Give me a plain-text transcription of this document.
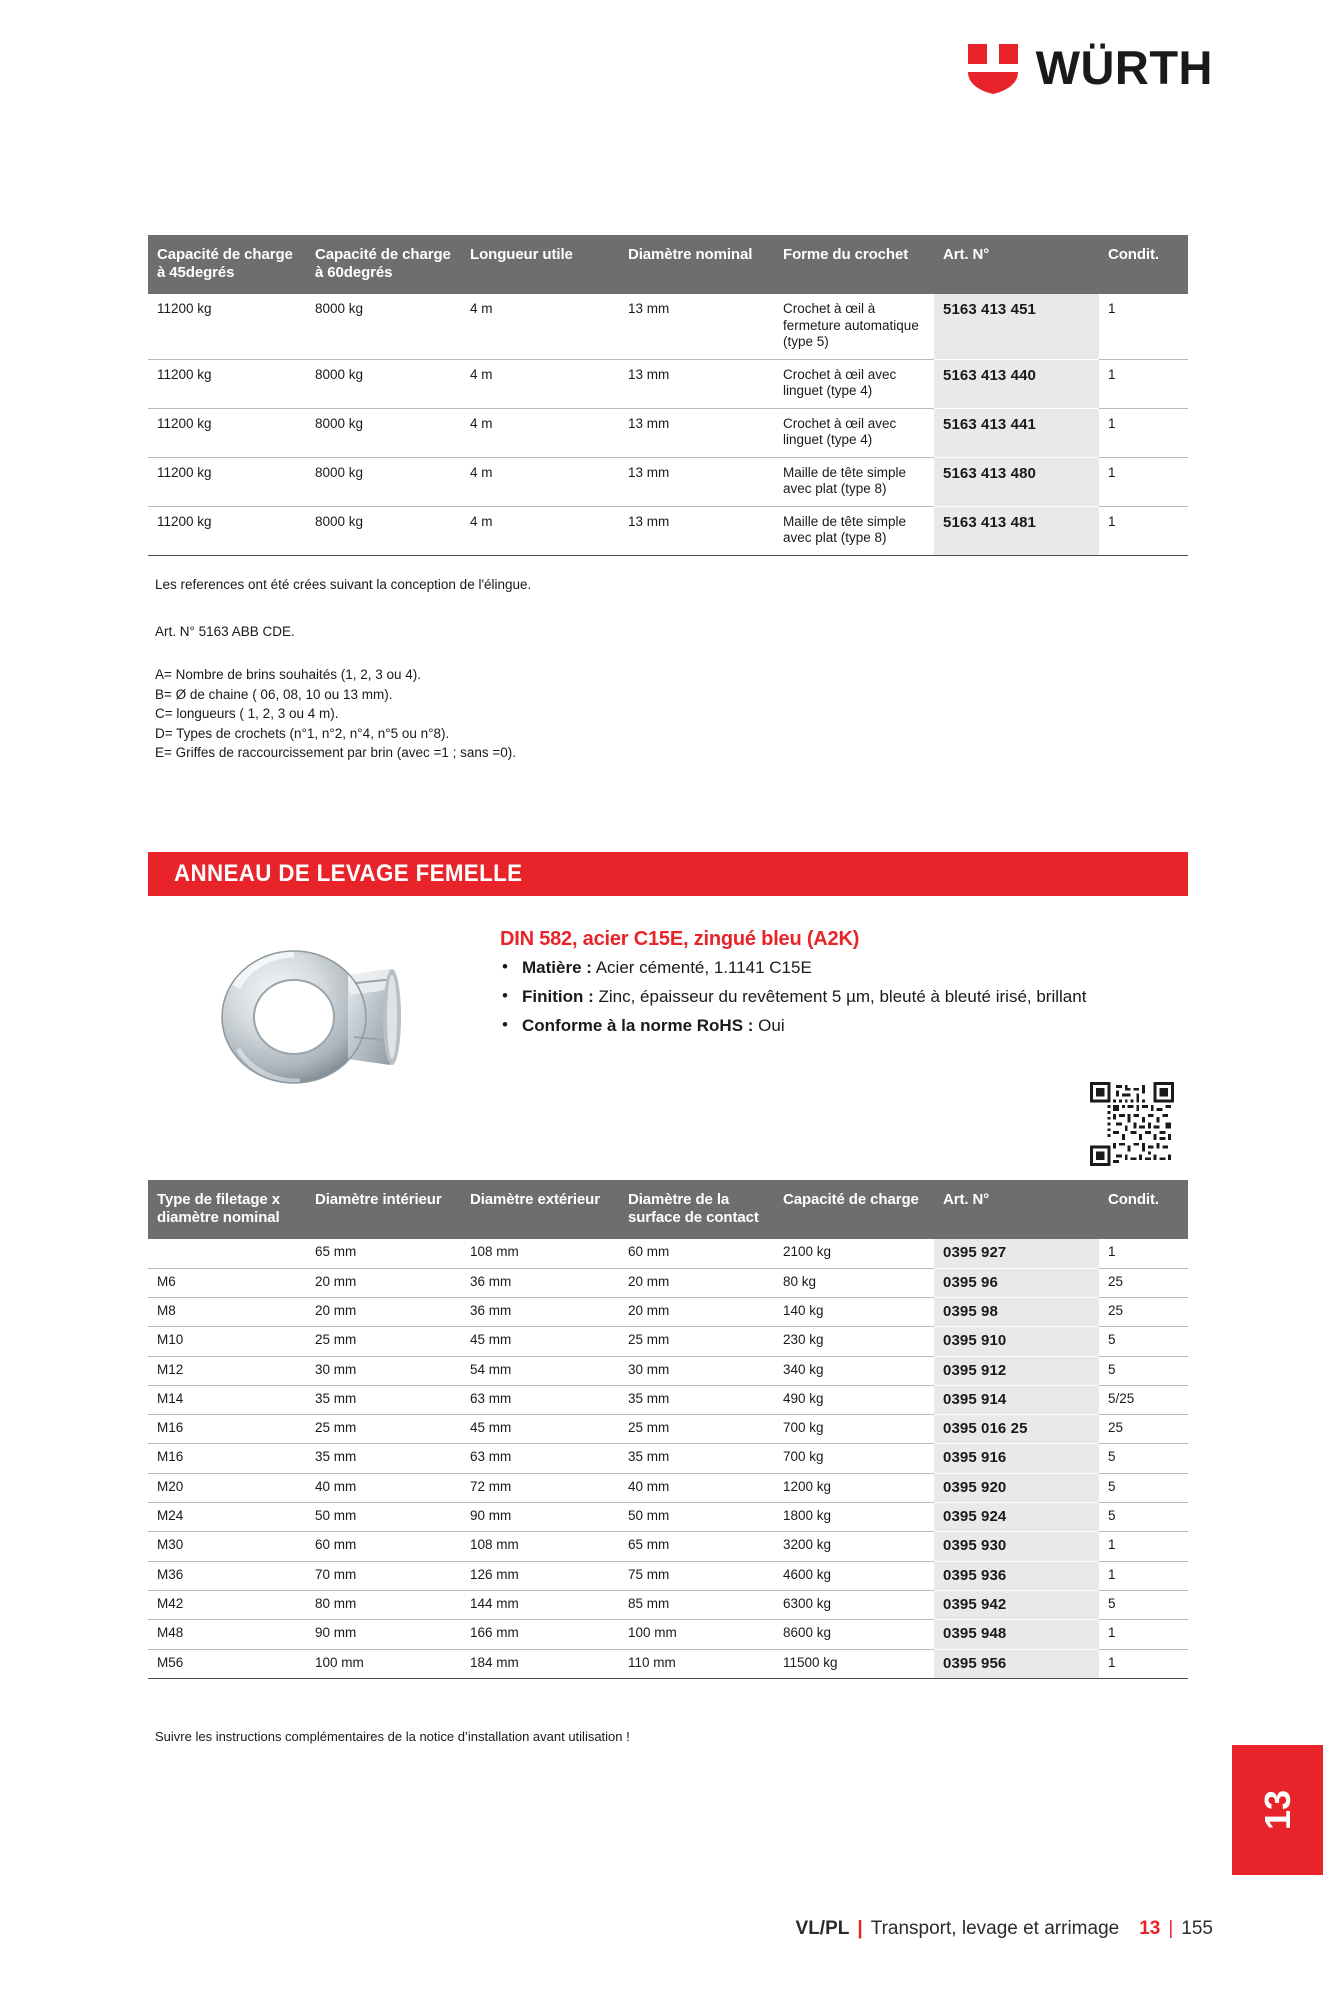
WÜRTH
Capacité de charge à 45degrés	Capacité de charge à 60degrés	Longueur utile	Diamètre nominal	Forme du crochet	Art. N°	Condit.
11200 kg	8000 kg	4 m	13 mm	Crochet à œil à fermeture automatique (type 5)	5163 413 451	1
11200 kg	8000 kg	4 m	13 mm	Crochet à œil avec linguet (type 4)	5163 413 440	1
11200 kg	8000 kg	4 m	13 mm	Crochet à œil avec linguet (type 4)	5163 413 441	1
11200 kg	8000 kg	4 m	13 mm	Maille de tête simple avec plat (type 8)	5163 413 480	1
11200 kg	8000 kg	4 m	13 mm	Maille de tête simple avec plat (type 8)	5163 413 481	1
Les references ont été crées suivant la conception de l'élingue.
Art. N° 5163 ABB CDE.
A= Nombre de brins souhaités (1, 2, 3 ou 4).
B= Ø de chaine ( 06, 08, 10 ou 13 mm).
C= longueurs ( 1, 2, 3 ou 4 m).
D= Types de crochets (n°1, n°2, n°4, n°5 ou n°8).
E= Griffes de raccourcissement par brin (avec =1 ; sans =0).
ANNEAU DE LEVAGE FEMELLE
DIN 582, acier C15E, zingué bleu (A2K)
• Matière : Acier cémenté, 1.1141 C15E
• Finition : Zinc, épaisseur du revêtement 5 µm, bleuté à bleuté irisé, brillant
• Conforme à la norme RoHS : Oui
Type de filetage x diamètre nominal	Diamètre intérieur	Diamètre extérieur	Diamètre de la surface de contact	Capacité de charge	Art. N°	Condit.
	65 mm	108 mm	60 mm	2100 kg	0395 927	1
M6	20 mm	36 mm	20 mm	80 kg	0395 96	25
M8	20 mm	36 mm	20 mm	140 kg	0395 98	25
M10	25 mm	45 mm	25 mm	230 kg	0395 910	5
M12	30 mm	54 mm	30 mm	340 kg	0395 912	5
M14	35 mm	63 mm	35 mm	490 kg	0395 914	5/25
M16	25 mm	45 mm	25 mm	700 kg	0395 016 25	25
M16	35 mm	63 mm	35 mm	700 kg	0395 916	5
M20	40 mm	72 mm	40 mm	1200 kg	0395 920	5
M24	50 mm	90 mm	50 mm	1800 kg	0395 924	5
M30	60 mm	108 mm	65 mm	3200 kg	0395 930	1
M36	70 mm	126 mm	75 mm	4600 kg	0395 936	1
M42	80 mm	144 mm	85 mm	6300 kg	0395 942	5
M48	90 mm	166 mm	100 mm	8600 kg	0395 948	1
M56	100 mm	184 mm	110 mm	11500 kg	0395 956	1
Suivre les instructions complémentaires de la notice d’installation avant utilisation !
13
VL/PL | Transport, levage et arrimage 13 | 155
